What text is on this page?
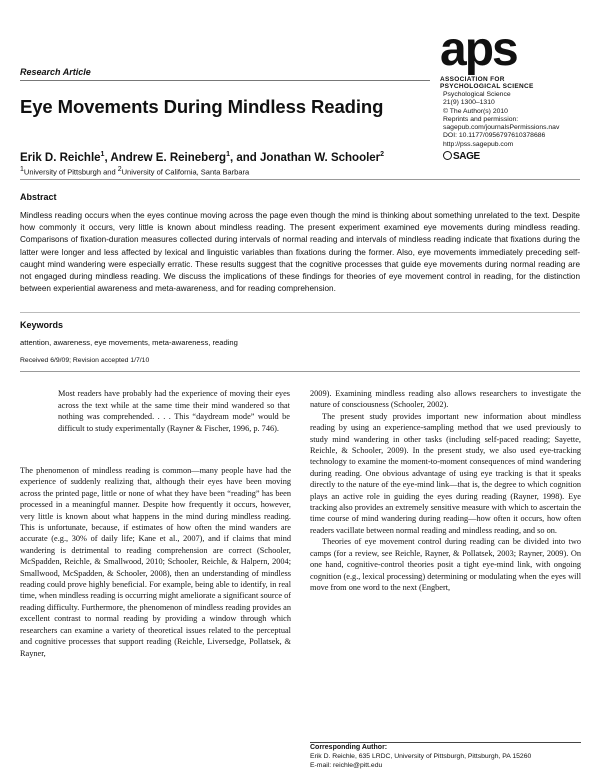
aps
ASSOCIATION FOR
PSYCHOLOGICAL SCIENCE
Research Article
Eye Movements During Mindless Reading
Psychological Science
21(9) 1300–1310
© The Author(s) 2010
Reprints and permission:
sagepub.com/journalsPermissions.nav
DOI: 10.1177/0956797610378686
http://pss.sagepub.com
SAGE
Erik D. Reichle$^1$, Andrew E. Reineberg$^1$, and Jonathan W. Schooler$^2$
$^1$University of Pittsburgh and $^2$University of California, Santa Barbara
Abstract
Mindless reading occurs when the eyes continue moving across the page even though the mind is thinking about something unrelated to the text. Despite how commonly it occurs, very little is known about mindless reading. The present experiment examined eye movements during mindless reading. Comparisons of fixation-duration measures collected during intervals of normal reading and intervals of mindless reading indicate that fixations during the latter were longer and less affected by lexical and linguistic variables than fixations during the former. Also, eye movements immediately preceding self-caught mind wandering were especially erratic. These results suggest that the cognitive processes that guide eye movements during normal reading are not engaged during mindless reading. We discuss the implications of these findings for theories of eye movement control in reading, for the distinction between experiential awareness and meta-awareness, and for reading comprehension.
Keywords
attention, awareness, eye movements, meta-awareness, reading
Received 6/9/09; Revision accepted 1/7/10
Most readers have probably had the experience of moving their eyes across the text while at the same time their mind wandered so that nothing was comprehended. . . . This “daydream mode” would be difficult to study experimentally (Rayner & Fischer, 1996, p. 746).

The phenomenon of mindless reading is common—many people have had the experience of suddenly realizing that, although their eyes have been moving across the printed page, little or none of what they have been “reading” has been processed in a meaningful manner. Despite how frequently it occurs, however, very little is known about what happens in the mind during mindless reading. This is unfortunate, because, if estimates of how often the mind wanders are accurate (e.g., 30% of daily life; Kane et al., 2007), and if claims that mind wandering is detrimental to reading comprehension are correct (Schooler, McSpadden, Reichle, & Smallwood, 2010; Schooler, Reichle, & Halpern, 2004; Smallwood, McSpadden, & Schooler, 2008), then an understanding of mindless reading could prove highly beneficial. For example, being able to identify, in real time, when mindless reading is occurring might ameliorate a significant source of reading difficulty. Furthermore, the phenomenon of mindless reading provides an excellent contrast to normal reading by providing a window through which researchers can examine a variety of theoretical issues related to the perceptual and cognitive processes that support reading (Reichle, Liversedge, Pollatsek, & Rayner,

2009). Examining mindless reading also allows researchers to investigate the nature of consciousness (Schooler, 2002).

The present study provides important new information about mindless reading by using an experience-sampling method that we used previously to study mind wandering in other tasks (including self-paced reading; Sayette, Reichle, & Schooler, 2009). In the present study, we also used eye-tracking technology to examine the moment-to-moment consequences of mind wandering during reading. One obvious advantage of using eye tracking is that it speaks directly to the nature of the eye-mind link—that is, the degree to which cognition plays an active role in guiding the eyes during reading (Rayner, 1998). Eye tracking also provides an extremely sensitive measure with which to ascertain the time course of mind wandering during reading—how often it occurs, how often readers vacillate between normal reading and mindless reading, and so on.

Theories of eye movement control during reading can be divided into two camps (for a review, see Reichle, Rayner, & Pollatsek, 2003; Rayner, 2009). On one hand, cognitive-control theories posit a tight eye-mind link, with ongoing cognition (e.g., lexical processing) determining or modulating when the eyes will move from one word to the next (Engbert,

Corresponding Author:
Erik D. Reichle, 635 LRDC, University of Pittsburgh, Pittsburgh, PA 15260
E-mail: reichle@pitt.edu
